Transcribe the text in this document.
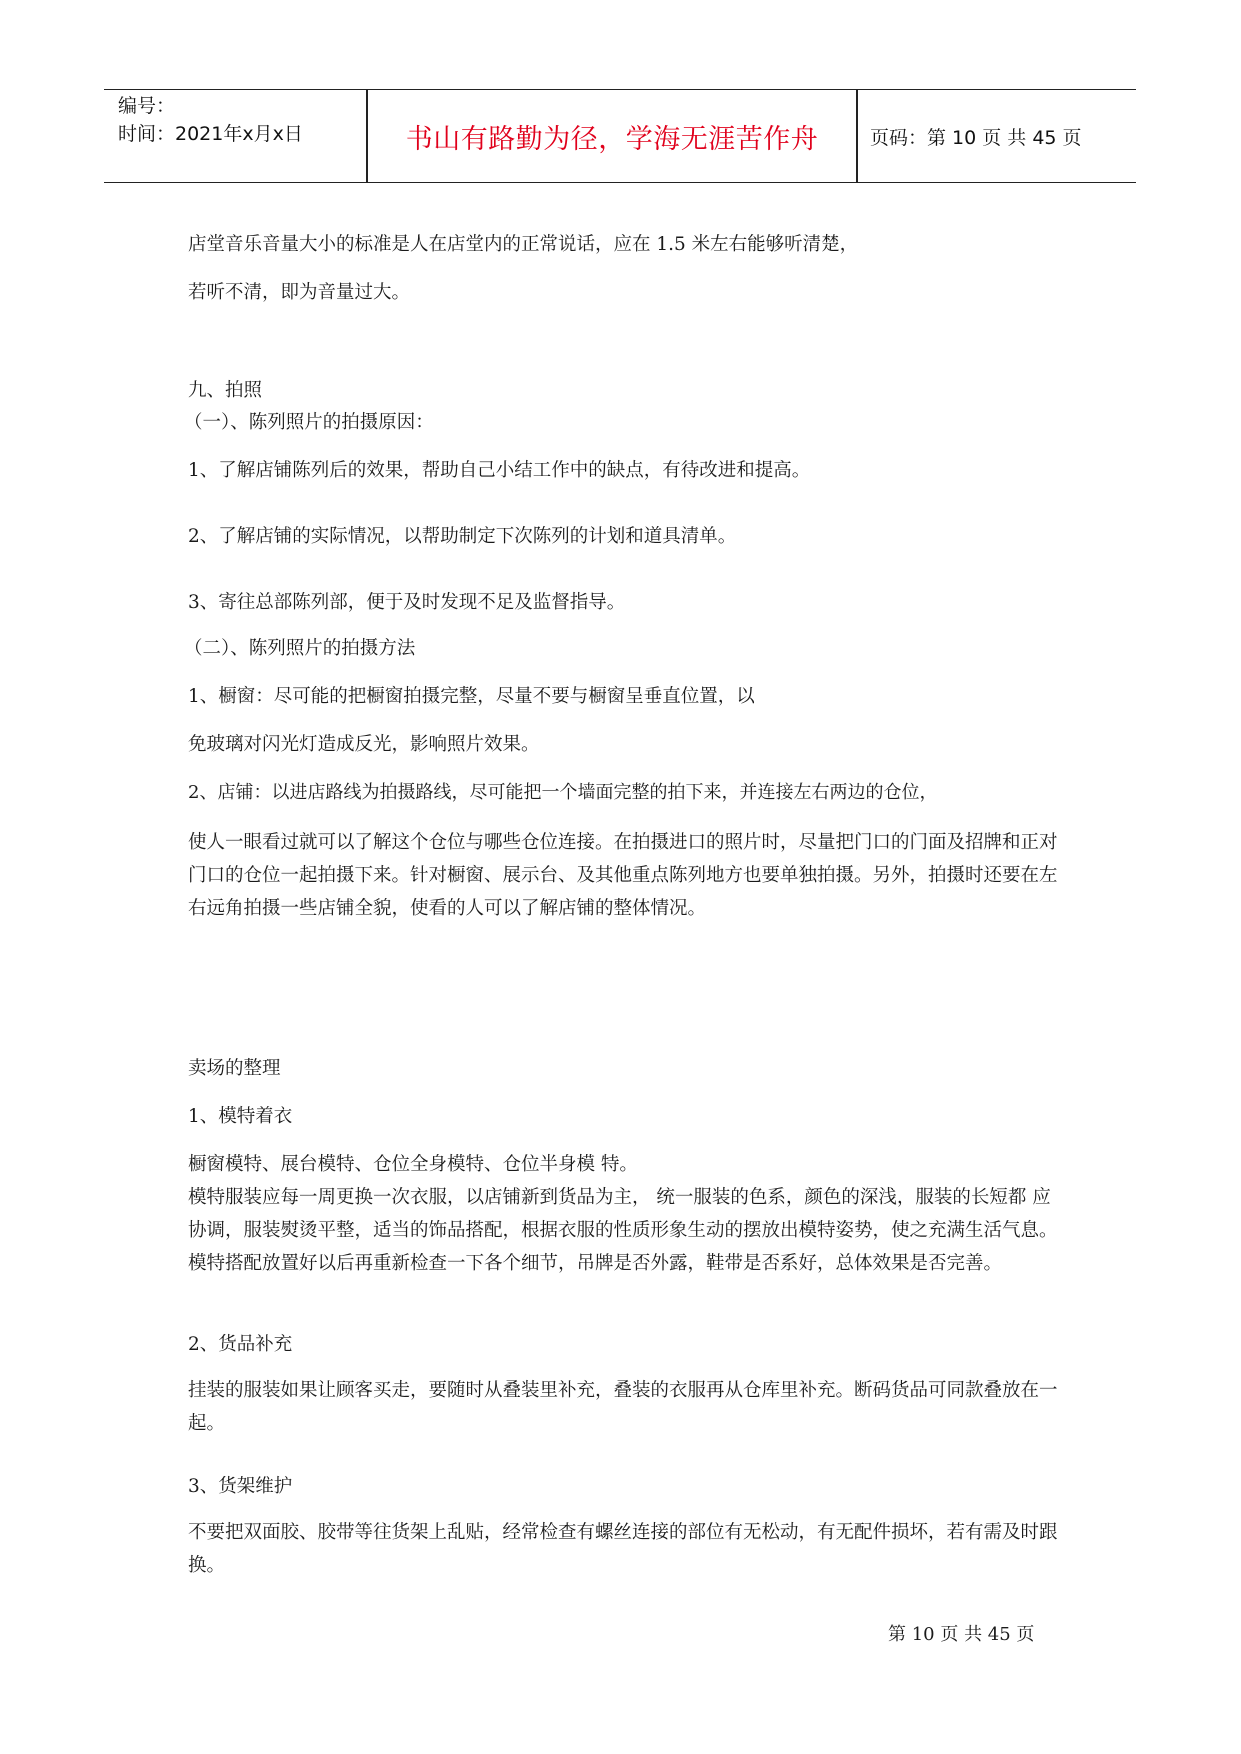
编号：
时间：2021年x月x日	书山有路勤为径，学海无涯苦作舟	页码：第 10 页 共 45 页
店堂音乐音量大小的标准是人在店堂内的正常说话，应在 1.5 米左右能够听清楚，
若听不清，即为音量过大。
九、拍照
（一）、陈列照片的拍摄原因：
1、了解店铺陈列后的效果，帮助自己小结工作中的缺点，有待改进和提高。
2、了解店铺的实际情况，以帮助制定下次陈列的计划和道具清单。
3、寄往总部陈列部，便于及时发现不足及监督指导。
（二）、陈列照片的拍摄方法
1、橱窗：尽可能的把橱窗拍摄完整，尽量不要与橱窗呈垂直位置，以
免玻璃对闪光灯造成反光，影响照片效果。
2、店铺：以进店路线为拍摄路线，尽可能把一个墙面完整的拍下来，并连接左右两边的仓位，
使人一眼看过就可以了解这个仓位与哪些仓位连接。在拍摄进口的照片时，尽量把门口的门面及招牌和正对门口的仓位一起拍摄下来。针对橱窗、展示台、及其他重点陈列地方也要单独拍摄。另外，拍摄时还要在左右远角拍摄一些店铺全貌，使看的人可以了解店铺的整体情况。
卖场的整理
1、模特着衣
橱窗模特、展台模特、仓位全身模特、仓位半身模 特。
模特服装应每一周更换一次衣服，以店铺新到货品为主， 统一服装的色系，颜色的深浅，服装的长短都 应协调，服装熨烫平整，适当的饰品搭配，根据衣服的性质形象生动的摆放出模特姿势，使之充满生活气息。模特搭配放置好以后再重新检查一下各个细节，吊牌是否外露，鞋带是否系好，总体效果是否完善。
2、货品补充
挂装的服装如果让顾客买走，要随时从叠装里补充，叠装的衣服再从仓库里补充。断码货品可同款叠放在一起。
3、货架维护
不要把双面胶、胶带等往货架上乱贴，经常检查有螺丝连接的部位有无松动，有无配件损坏，若有需及时跟换。
第 10 页 共 45 页
